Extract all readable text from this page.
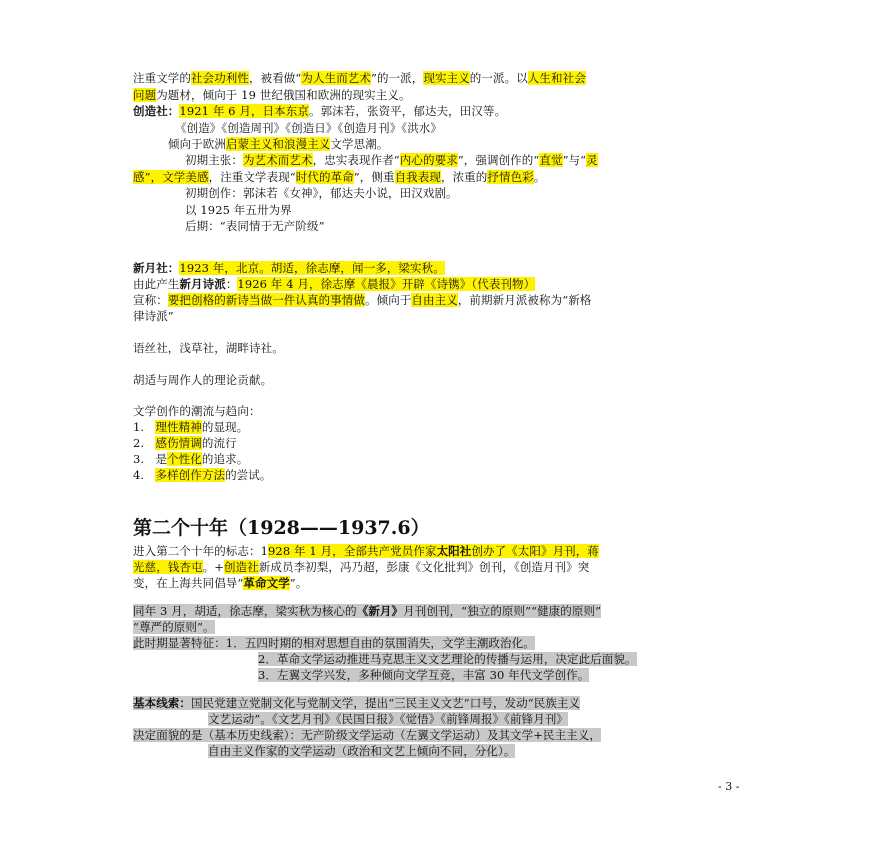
注重文学的社会功利性，被看做“为人生而艺术”的一派，现实主义的一派。以人生和社会
问题为题材，倾向于 19 世纪俄国和欧洲的现实主义。
创造社：1921 年 6 月，日本东京。郭沫若，张资平，郁达夫，田汉等。
《创造》《创造周刊》《创造日》《创造月刊》《洪水》
倾向于欧洲启蒙主义和浪漫主义文学思潮。
初期主张：为艺术而艺术，忠实表现作者“内心的要求”，强调创作的“直觉”与“灵
感”，文学美感，注重文学表现“时代的革命”，侧重自我表现，浓重的抒情色彩。
初期创作：郭沫若《女神》，郁达夫小说，田汉戏剧。
以 1925 年五卅为界
后期：“表同情于无产阶级”
新月社：1923 年，北京。胡适，徐志摩，闻一多，梁实秋。
由此产生新月诗派：1926 年 4 月，徐志摩《晨报》开辟《诗镌》（代表刊物）
宣称：要把创格的新诗当做一件认真的事情做。倾向于自由主义，前期新月派被称为“新格
律诗派”
语丝社，浅草社，湖畔诗社。
胡适与周作人的理论贡献。
文学创作的潮流与趋向：
1. 理性精神的显现。
2. 感伤情调的流行
3. 是个性化的追求。
4. 多样创作方法的尝试。
第二个十年（1928——1937.6）
进入第二个十年的标志：1928 年 1 月，全部共产党员作家太阳社创办了《太阳》月刊，蒋
光慈，钱杏屯。+创造社新成员李初梨，冯乃超，彭康《文化批判》创刊，《创造月刊》突
变，在上海共同倡导“革命文学”。
同年 3 月，胡适，徐志摩，梁实秋为核心的《新月》月刊创刊，“独立的原则”“健康的原则”
“尊严的原则”。
此时期显著特征：1．五四时期的相对思想自由的氛围消失，文学主潮政治化。
2．革命文学运动推进马克思主义文艺理论的传播与运用，决定此后面貌。
3．左翼文学兴发，多种倾向文学互竞，丰富 30 年代文学创作。
基本线索：国民党建立党制文化与党制文学，提出“三民主义文艺”口号，发动“民族主义
文艺运动”。《文艺月刊》《民国日报》《觉悟》《前锋周报》《前锋月刊》
决定面貌的是（基本历史线索）：无产阶级文学运动（左翼文学运动）及其文学+民主主义，
自由主义作家的文学运动（政治和文艺上倾向不同，分化）。
- 3 -
